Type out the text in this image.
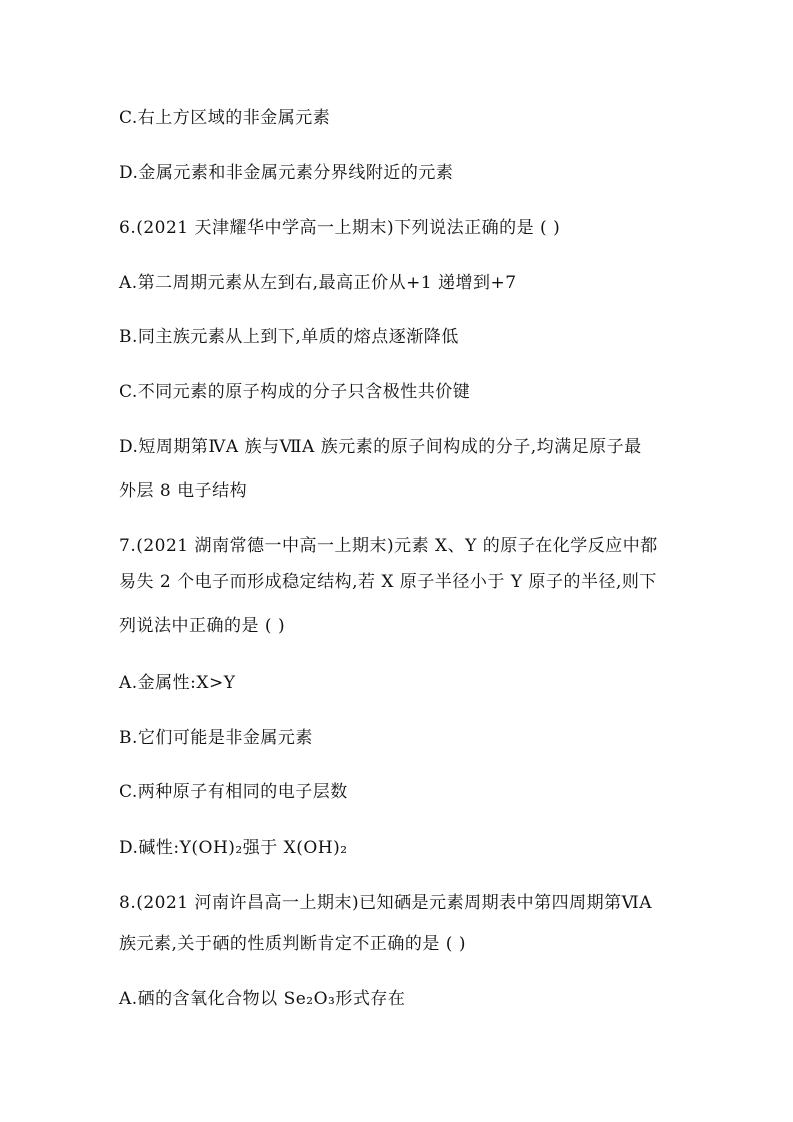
C.右上方区域的非金属元素
D.金属元素和非金属元素分界线附近的元素
6.(2021 天津耀华中学高一上期末)下列说法正确的是 ( )
A.第二周期元素从左到右,最高正价从+1 递增到+7
B.同主族元素从上到下,单质的熔点逐渐降低
C.不同元素的原子构成的分子只含极性共价键
D.短周期第ⅣA 族与ⅦA 族元素的原子间构成的分子,均满足原子最
外层 8 电子结构
7.(2021 湖南常德一中高一上期末)元素 X、Y 的原子在化学反应中都
易失 2 个电子而形成稳定结构,若 X 原子半径小于 Y 原子的半径,则下
列说法中正确的是 ( )
A.金属性:X>Y
B.它们可能是非金属元素
C.两种原子有相同的电子层数
D.碱性:Y(OH)₂强于 X(OH)₂
8.(2021 河南许昌高一上期末)已知硒是元素周期表中第四周期第ⅥA
族元素,关于硒的性质判断肯定不正确的是 ( )
A.硒的含氧化合物以 Se₂O₃形式存在
